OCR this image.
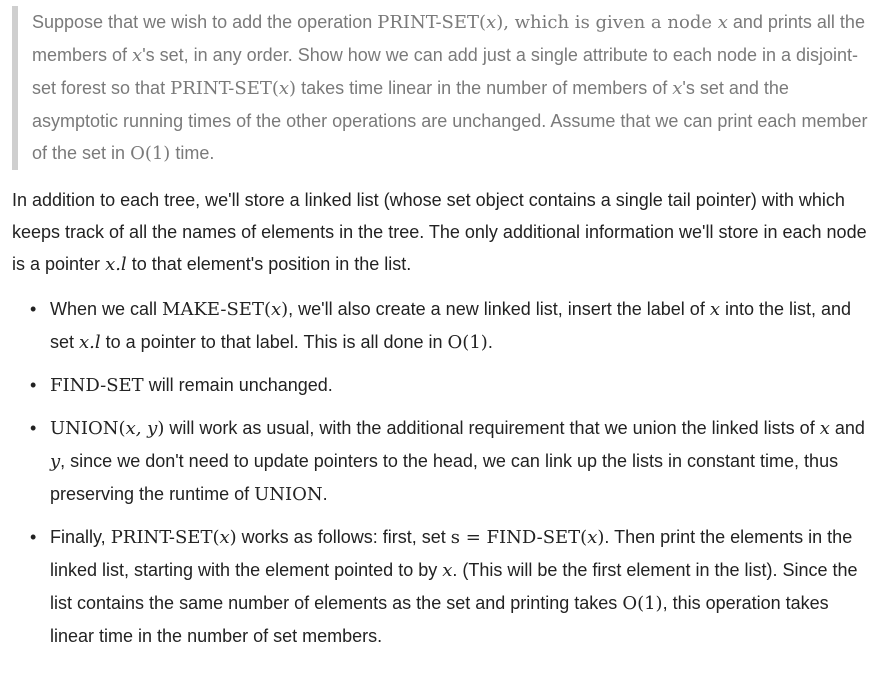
Suppose that we wish to add the operation PRINT-SET(x), which is given a node x and prints all the members of x's set, in any order. Show how we can add just a single attribute to each node in a disjoint-set forest so that PRINT-SET(x) takes time linear in the number of members of x's set and the asymptotic running times of the other operations are unchanged. Assume that we can print each member of the set in O(1) time.

In addition to each tree, we'll store a linked list (whose set object contains a single tail pointer) with which keeps track of all the names of elements in the tree. The only additional information we'll store in each node is a pointer x.l to that element's position in the list.

• When we call MAKE-SET(x), we'll also create a new linked list, insert the label of x into the list, and set x.l to a pointer to that label. This is all done in O(1).
• FIND-SET will remain unchanged.
• UNION(x, y) will work as usual, with the additional requirement that we union the linked lists of x and y, since we don't need to update pointers to the head, we can link up the lists in constant time, thus preserving the runtime of UNION.
• Finally, PRINT-SET(x) works as follows: first, set s = FIND-SET(x). Then print the elements in the linked list, starting with the element pointed to by x. (This will be the first element in the list). Since the list contains the same number of elements as the set and printing takes O(1), this operation takes linear time in the number of set members.
